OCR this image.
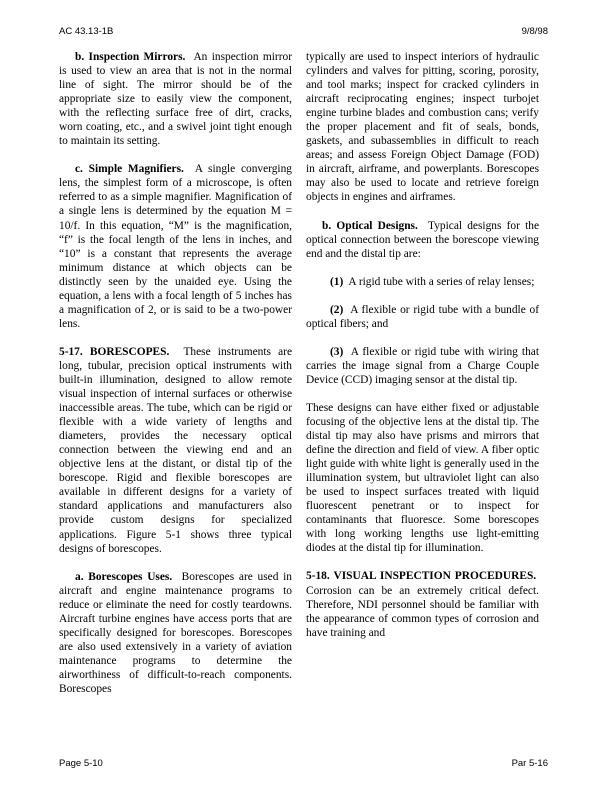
AC 43.13-1B	9/8/98

b. Inspection Mirrors. An inspection mirror is used to view an area that is not in the normal line of sight. The mirror should be of the appropriate size to easily view the component, with the reflecting surface free of dirt, cracks, worn coating, etc., and a swivel joint tight enough to maintain its setting.

c. Simple Magnifiers. A single converging lens, the simplest form of a microscope, is often referred to as a simple magnifier. Magnification of a single lens is determined by the equation M = 10/f. In this equation, “M” is the magnification, “f” is the focal length of the lens in inches, and “10” is a constant that represents the average minimum distance at which objects can be distinctly seen by the unaided eye. Using the equation, a lens with a focal length of 5 inches has a magnification of 2, or is said to be a two-power lens.

5-17. BORESCOPES. These instruments are long, tubular, precision optical instruments with built-in illumination, designed to allow remote visual inspection of internal surfaces or otherwise inaccessible areas. The tube, which can be rigid or flexible with a wide variety of lengths and diameters, provides the necessary optical connection between the viewing end and an objective lens at the distant, or distal tip of the borescope. Rigid and flexible borescopes are available in different designs for a variety of standard applications and manufacturers also provide custom designs for specialized applications. Figure 5-1 shows three typical designs of borescopes.

a. Borescopes Uses. Borescopes are used in aircraft and engine maintenance programs to reduce or eliminate the need for costly teardowns. Aircraft turbine engines have access ports that are specifically designed for borescopes. Borescopes are also used extensively in a variety of aviation maintenance programs to determine the airworthiness of difficult-to-reach components. Borescopes

typically are used to inspect interiors of hydraulic cylinders and valves for pitting, scoring, porosity, and tool marks; inspect for cracked cylinders in aircraft reciprocating engines; inspect turbojet engine turbine blades and combustion cans; verify the proper placement and fit of seals, bonds, gaskets, and subassemblies in difficult to reach areas; and assess Foreign Object Damage (FOD) in aircraft, airframe, and powerplants. Borescopes may also be used to locate and retrieve foreign objects in engines and airframes.

b. Optical Designs. Typical designs for the optical connection between the borescope viewing end and the distal tip are:

(1) A rigid tube with a series of relay lenses;

(2) A flexible or rigid tube with a bundle of optical fibers; and

(3) A flexible or rigid tube with wiring that carries the image signal from a Charge Couple Device (CCD) imaging sensor at the distal tip.

These designs can have either fixed or adjustable focusing of the objective lens at the distal tip. The distal tip may also have prisms and mirrors that define the direction and field of view. A fiber optic light guide with white light is generally used in the illumination system, but ultraviolet light can also be used to inspect surfaces treated with liquid fluorescent penetrant or to inspect for contaminants that fluoresce. Some borescopes with long working lengths use light-emitting diodes at the distal tip for illumination.

5-18. VISUAL INSPECTION PROCEDURES.  Corrosion can be an extremely critical defect. Therefore, NDI personnel should be familiar with the appearance of common types of corrosion and have training and

Page 5-10	Par 5-16
